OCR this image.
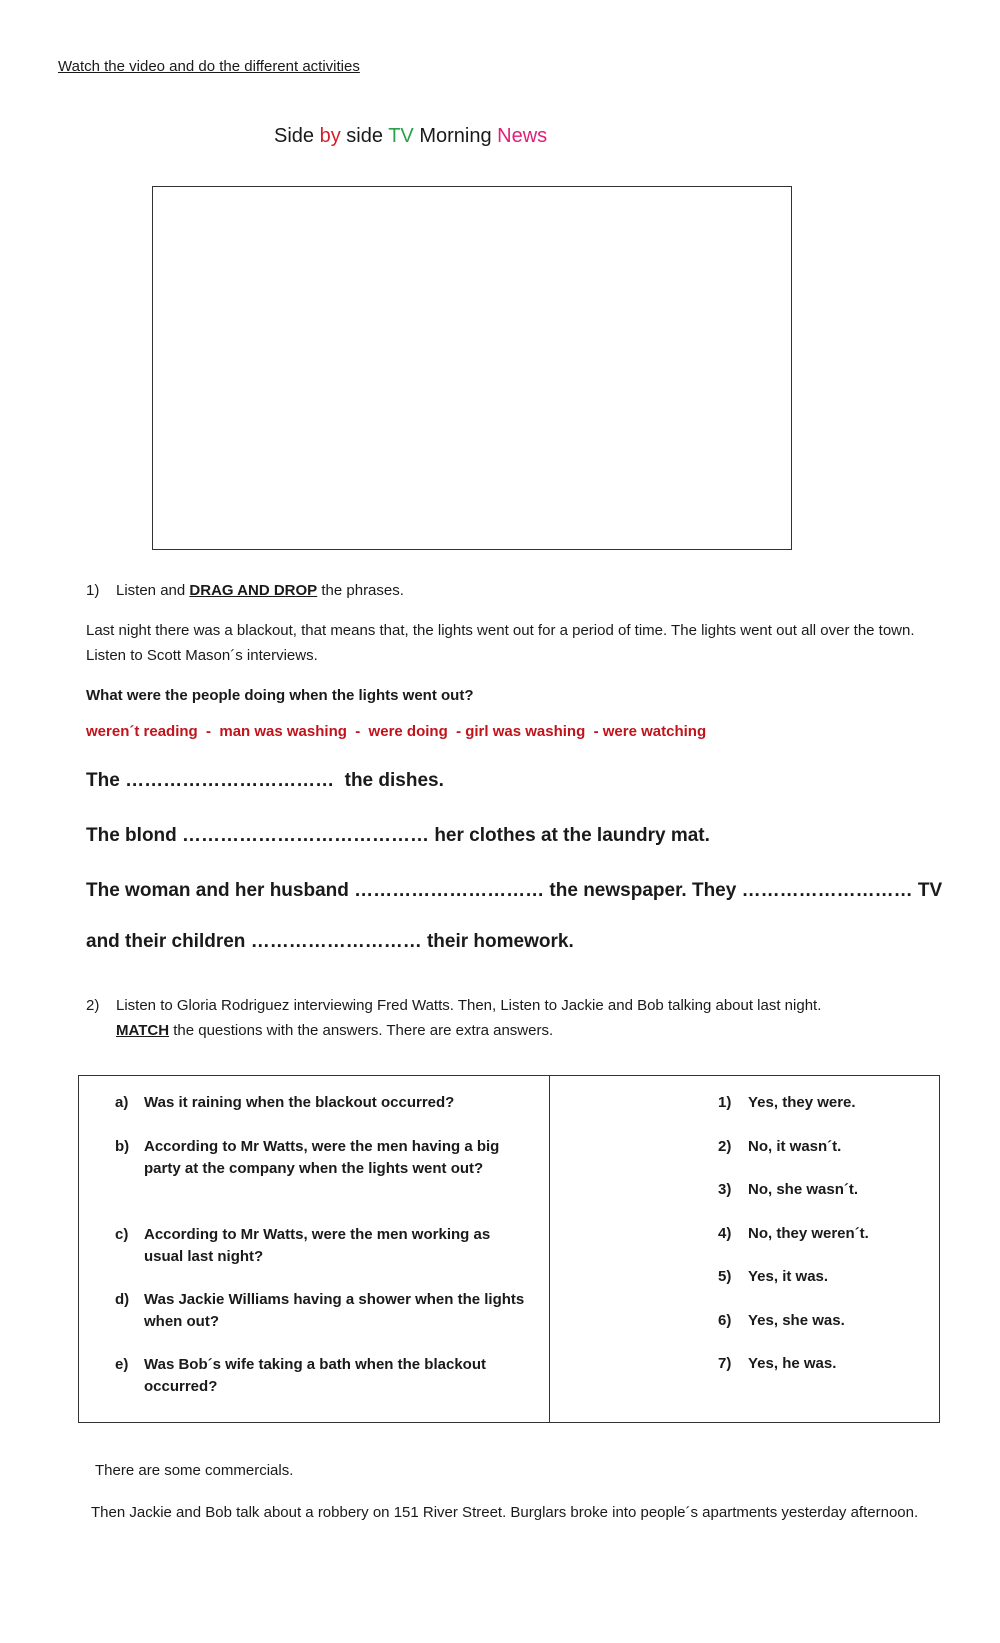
Watch the video and do the different activities
Side by side TV Morning News
1) Listen and DRAG AND DROP the phrases.
Last night there was a blackout, that means that, the lights went out for a period of time. The lights went out all over the town. Listen to Scott Mason´s interviews.
What were the people doing when the lights went out?
weren´t reading  -  man was washing  -  were doing  - girl was washing  - were watching
The …………………………… the dishes.
The blond ………………………………… her clothes at the laundry mat.
The woman and her husband ………………………… the newspaper. They ……………………… TV
and their children ……………………… their homework.
2) Listen to Gloria Rodriguez interviewing Fred Watts. Then, Listen to Jackie and Bob talking about last night.
MATCH the questions with the answers. There are extra answers.

a) Was it raining when the blackout occurred?
b) According to Mr Watts, were the men having a big party at the company when the lights went out?
c) According to Mr Watts, were the men working as usual last night?
d) Was Jackie Williams having a shower when the lights when out?
e) Was Bob´s wife taking a bath when the blackout occurred?
1) Yes, they were.
2) No, it wasn´t.
3) No, she wasn´t.
4) No, they weren´t.
5) Yes, it was.
6) Yes, she was.
7) Yes, he was.
There are some commercials.
Then Jackie and Bob talk about a robbery on 151 River Street. Burglars broke into people´s apartments yesterday afternoon.
